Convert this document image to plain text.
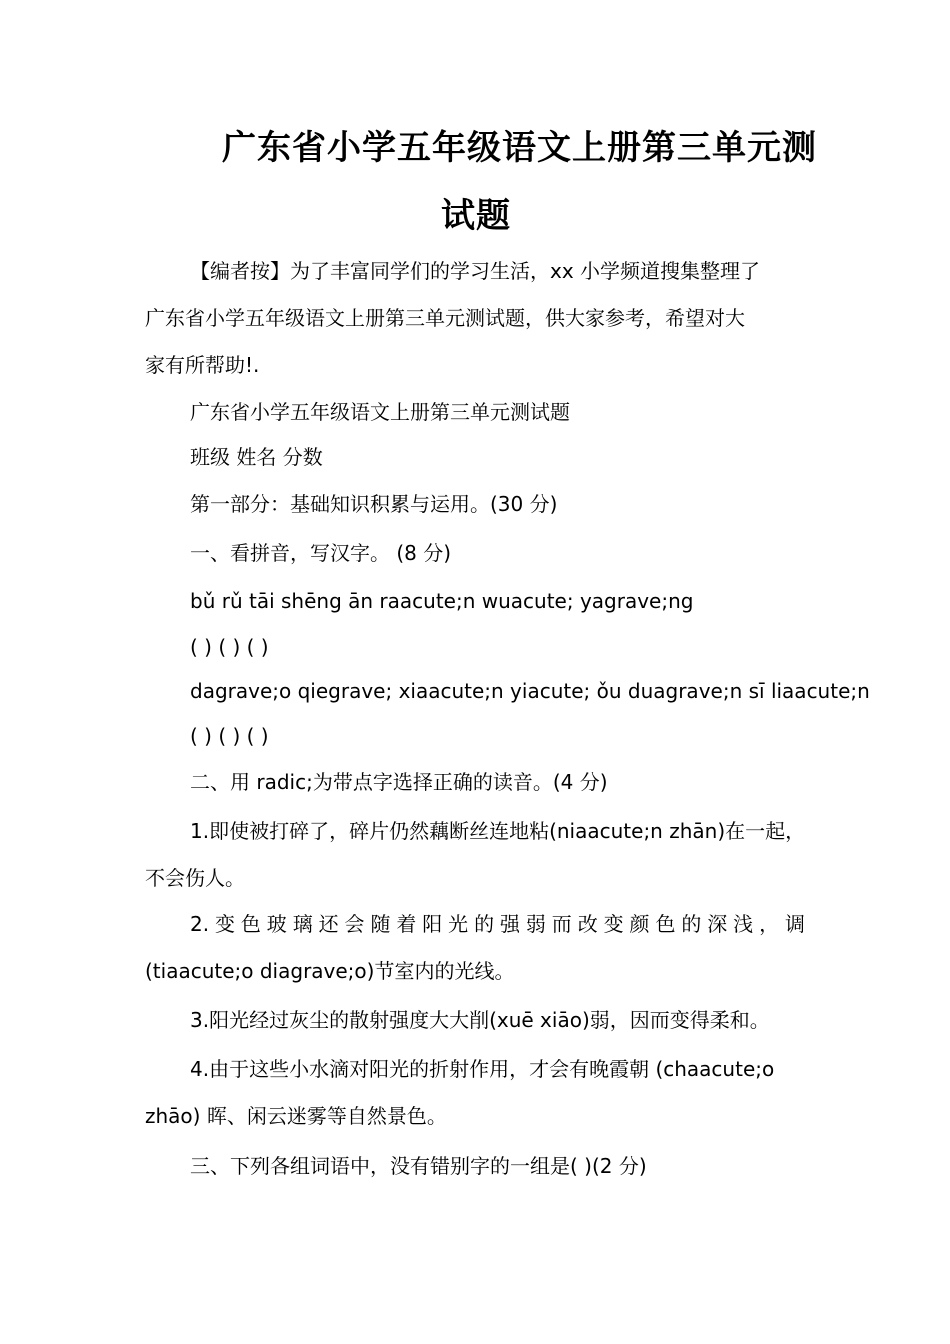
广东省小学五年级语文上册第三单元测
试题
【编者按】为了丰富同学们的学习生活，xx 小学频道搜集整理了
广东省小学五年级语文上册第三单元测试题，供大家参考，希望对大
家有所帮助!.
广东省小学五年级语文上册第三单元测试题
班级 姓名 分数
第一部分：基础知识积累与运用。(30 分)
一、看拼音，写汉字。 (8 分)
bǔ rǔ tāi shēng ān raacute;n wuacute; yagrave;ng
( ) ( ) ( )
dagrave;o qiegrave; xiaacute;n yiacute; ǒu duagrave;n sī liaacute;n
( ) ( ) ( )
二、用 radic;为带点字选择正确的读音。(4 分)
1.即使被打碎了，碎片仍然藕断丝连地粘(niaacute;n zhān)在一起，
不会伤人。
2.变色玻璃还会随着阳光的强弱而改变颜色的深浅，调
(tiaacute;o diagrave;o)节室内的光线。
3.阳光经过灰尘的散射强度大大削(xuē xiāo)弱，因而变得柔和。
4.由于这些小水滴对阳光的折射作用，才会有晚霞朝 (chaacute;o
zhāo) 晖、闲云迷雾等自然景色。
三、下列各组词语中，没有错别字的一组是( )(2 分)
